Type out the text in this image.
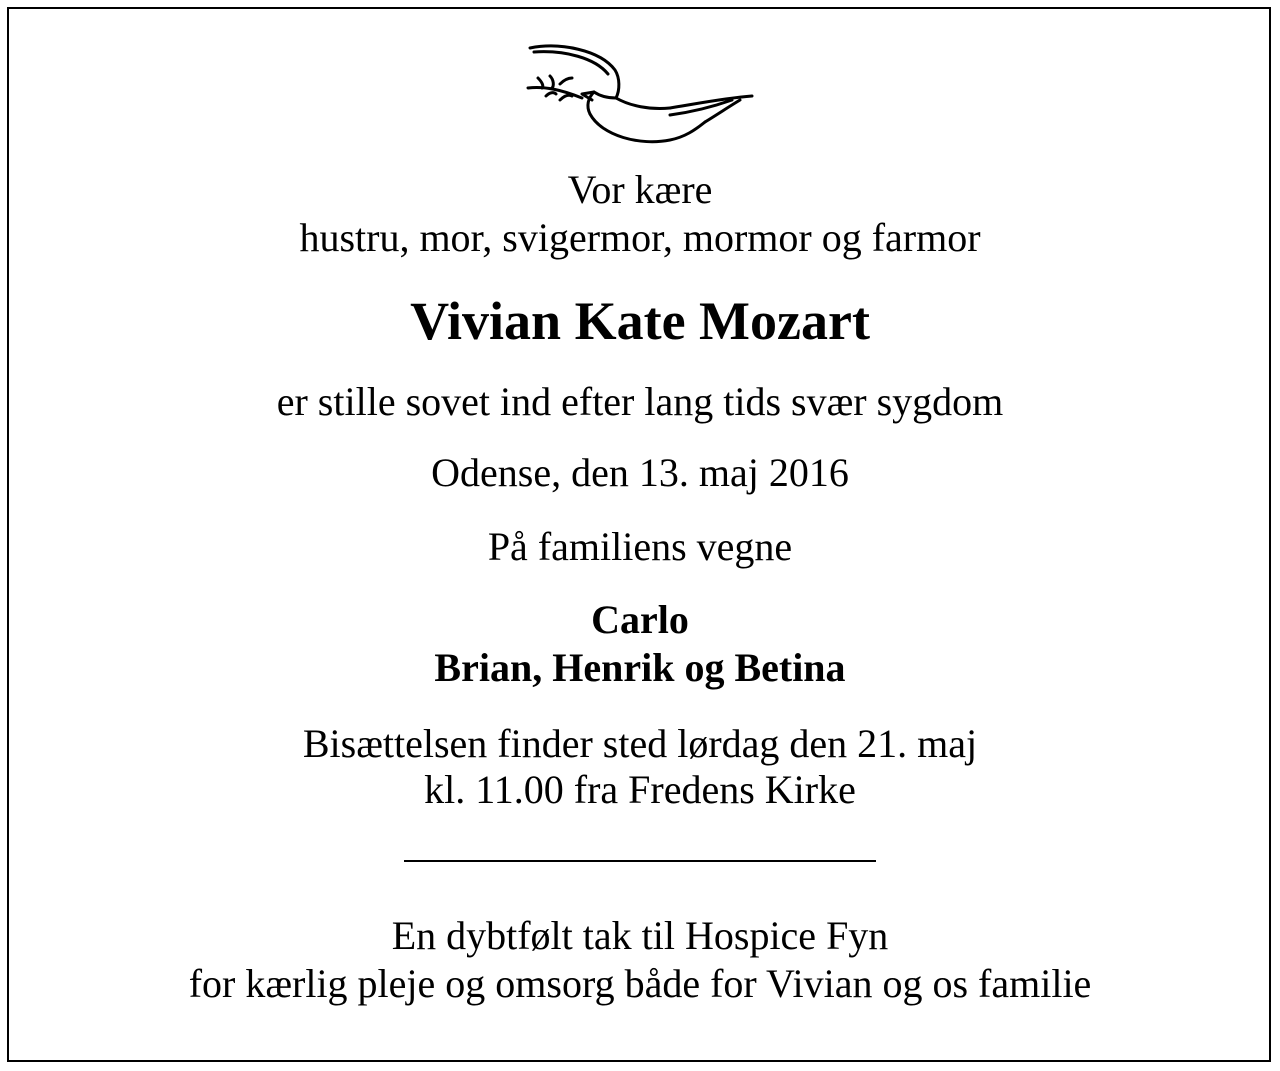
Vor kære
hustru, mor, svigermor, mormor og farmor
Vivian Kate Mozart
er stille sovet ind efter lang tids svær sygdom
Odense, den 13. maj 2016
På familiens vegne
Carlo
Brian, Henrik og Betina
Bisættelsen finder sted lørdag den 21. maj
kl. 11.00 fra Fredens Kirke
En dybtfølt tak til Hospice Fyn
for kærlig pleje og omsorg både for Vivian og os familie
